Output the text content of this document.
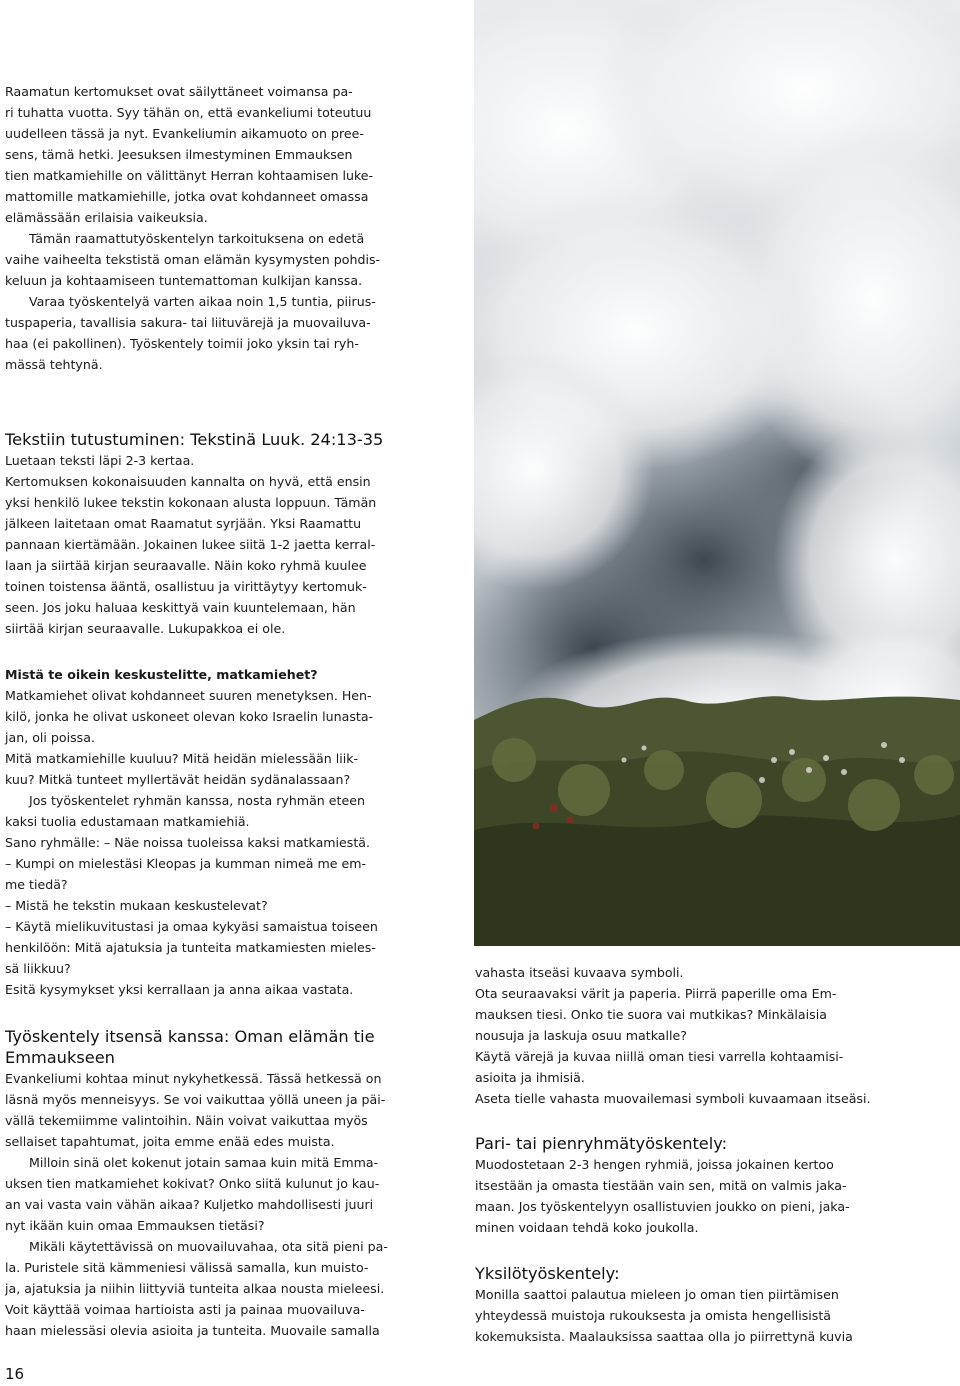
Raamatun kertomukset ovat säilyttäneet voimansa pa-
ri tuhatta vuotta. Syy tähän on, että evankeliumi toteutuu
uudelleen tässä ja nyt. Evankeliumin aikamuoto on pree-
sens, tämä hetki. Jeesuksen ilmestyminen Emmauksen
tien matkamiehille on välittänyt Herran kohtaamisen luke-
mattomille matkamiehille, jotka ovat kohdanneet omassa
elämässään erilaisia vaikeuksia.

Tämän raamattutyöskentelyn tarkoituksena on edetä
vaihe vaiheelta tekstistä oman elämän kysymysten pohdis-
keluun ja kohtaamiseen tuntemattoman kulkijan kanssa.

Varaa työskentelyä varten aikaa noin 1,5 tuntia, piirus-
tuspaperia, tavallisia sakura- tai liituvärejä ja muovailuva-
haa (ei pakollinen). Työskentely toimii joko yksin tai ryh-
mässä tehtynä.

Tekstiin tutustuminen: Tekstinä Luuk. 24:13-35

Luetaan teksti läpi 2-3 kertaa.

Kertomuksen kokonaisuuden kannalta on hyvä, että ensin
yksi henkilö lukee tekstin kokonaan alusta loppuun. Tämän
jälkeen laitetaan omat Raamatut syrjään. Yksi Raamattu
pannaan kiertämään. Jokainen lukee siitä 1-2 jaetta kerral-
laan ja siirtää kirjan seuraavalle. Näin koko ryhmä kuulee
toinen toistensa ääntä, osallistuu ja virittäytyy kertomuk-
seen. Jos joku haluaa keskittyä vain kuuntelemaan, hän
siirtää kirjan seuraavalle. Lukupakkoa ei ole.

Mistä te oikein keskustelitte, matkamiehet?

Matkamiehet olivat kohdanneet suuren menetyksen. Hen-
kilö, jonka he olivat uskoneet olevan koko Israelin lunasta-
jan, oli poissa.

Mitä matkamiehille kuuluu? Mitä heidän mielessään liik-
kuu? Mitkä tunteet myllertävät heidän sydänalassaan?

Jos työskentelet ryhmän kanssa, nosta ryhmän eteen
kaksi tuolia edustamaan matkamiehiä.

Sano ryhmälle: – Näe noissa tuoleissa kaksi matkamiestä.
– Kumpi on mielestäsi Kleopas ja kumman nimeä me em-
me tiedä?
– Mistä he tekstin mukaan keskustelevat?
– Käytä mielikuvitustasi ja omaa kykyäsi samaistua toiseen
henkilöön: Mitä ajatuksia ja tunteita matkamiesten mieles-
sä liikkuu?

Esitä kysymykset yksi kerrallaan ja anna aikaa vastata.

Työskentely itsensä kanssa: Oman elämän tie
Emmaukseen

Evankeliumi kohtaa minut nykyhetkessä. Tässä hetkessä on
läsnä myös menneisyys. Se voi vaikuttaa yöllä uneen ja päi-
vällä tekemiimme valintoihin. Näin voivat vaikuttaa myös
sellaiset tapahtumat, joita emme enää edes muista.

Milloin sinä olet kokenut jotain samaa kuin mitä Emma-
uksen tien matkamiehet kokivat? Onko siitä kulunut jo kau-
an vai vasta vain vähän aikaa? Kuljetko mahdollisesti juuri
nyt ikään kuin omaa Emmauksen tietäsi?

Mikäli käytettävissä on muovailuvahaa, ota sitä pieni pa-
la. Puristele sitä kämmeniesi välissä samalla, kun muisto-
ja, ajatuksia ja niihin liittyviä tunteita alkaa nousta mieleesi.
Voit käyttää voimaa hartioista asti ja painaa muovailuva-
haan mielessäsi olevia asioita ja tunteita. Muovaile samalla

vahasta itseäsi kuvaava symboli.

Ota seuraavaksi värit ja paperia. Piirrä paperille oma Em-
mauksen tiesi. Onko tie suora vai mutkikas? Minkälaisia
nousuja ja laskuja osuu matkalle?

Käytä värejä ja kuvaa niillä oman tiesi varrella kohtaamisi-
asioita ja ihmisiä.

Aseta tielle vahasta muovailemasi symboli kuvaamaan itseäsi.

Pari- tai pienryhmätyöskentely:

Muodostetaan 2-3 hengen ryhmiä, joissa jokainen kertoo
itsestään ja omasta tiestään vain sen, mitä on valmis jaka-
maan. Jos työskentelyyn osallistuvien joukko on pieni, jaka-
minen voidaan tehdä koko joukolla.

Yksilötyöskentely:

Monilla saattoi palautua mieleen jo oman tien piirtämisen
yhteydessä muistoja rukouksesta ja omista hengellisistä
kokemuksista. Maalauksissa saattaa olla jo piirrettynä kuvia

16
